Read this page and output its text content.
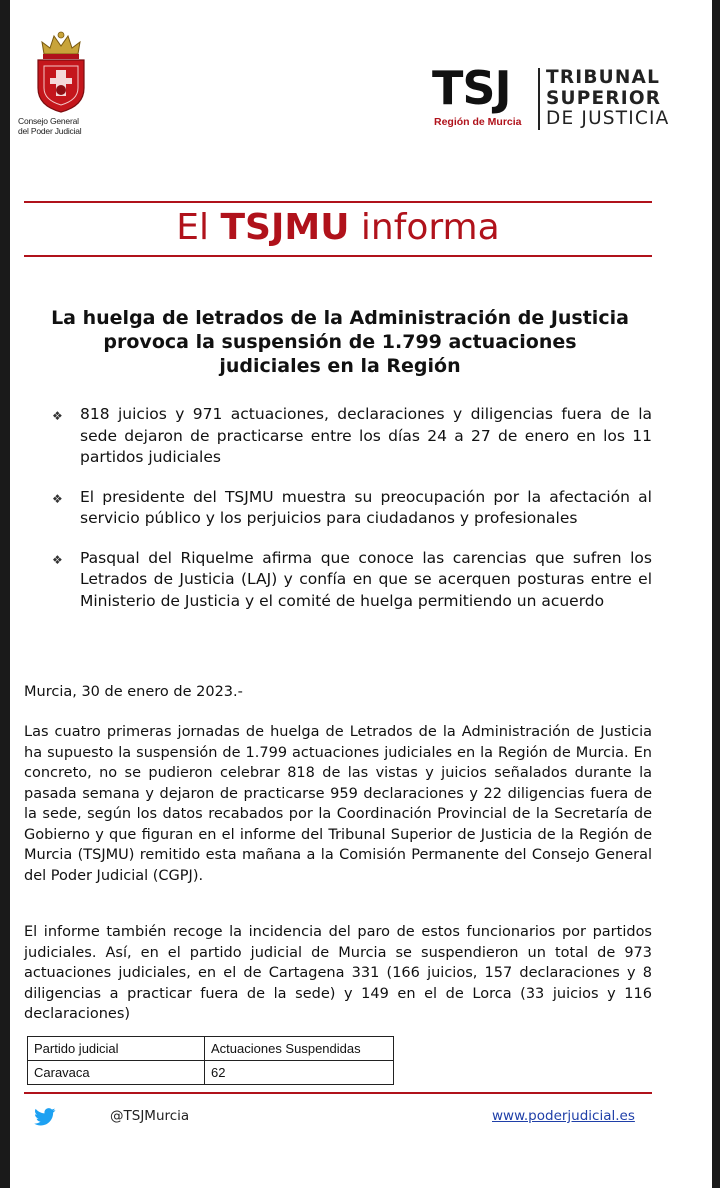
Consejo General
del Poder Judicial
TSJ
Región de Murcia
TRIBUNAL
SUPERIOR
DE JUSTICIA
El TSJMU informa
La huelga de letrados de la Administración de Justicia
provoca la suspensión de 1.799 actuaciones
judiciales en la Región
❖ 818 juicios y 971 actuaciones, declaraciones y diligencias fuera de la sede dejaron de practicarse entre los días 24 a 27 de enero en los 11 partidos judiciales
❖ El presidente del TSJMU muestra su preocupación por la afectación al servicio público y los perjuicios para ciudadanos y profesionales
❖ Pasqual del Riquelme afirma que conoce las carencias que sufren los Letrados de Justicia (LAJ) y confía en que se acerquen posturas entre el Ministerio de Justicia y el comité de huelga permitiendo un acuerdo
Murcia, 30 de enero de 2023.-

Las cuatro primeras jornadas de huelga de Letrados de la Administración de Justicia ha supuesto la suspensión de 1.799 actuaciones judiciales en la Región de Murcia. En concreto, no se pudieron celebrar 818 de las vistas y juicios señalados durante la pasada semana y dejaron de practicarse 959 declaraciones y 22 diligencias fuera de la sede, según los datos recabados por la Coordinación Provincial de la Secretaría de Gobierno y que figuran en el informe del Tribunal Superior de Justicia de la Región de Murcia (TSJMU) remitido esta mañana a la Comisión Permanente del Consejo General del Poder Judicial (CGPJ).

El informe también recoge la incidencia del paro de estos funcionarios por partidos judiciales. Así, en el partido judicial de Murcia se suspendieron un total de 973 actuaciones judiciales, en el de Cartagena 331 (166 juicios, 157 declaraciones y 8 diligencias a practicar fuera de la sede) y 149 en el de Lorca (33 juicios y 116 declaraciones)

Partido judicial	Actuaciones Suspendidas
Caravaca	62
@TSJMurcia	www.poderjudicial.es
